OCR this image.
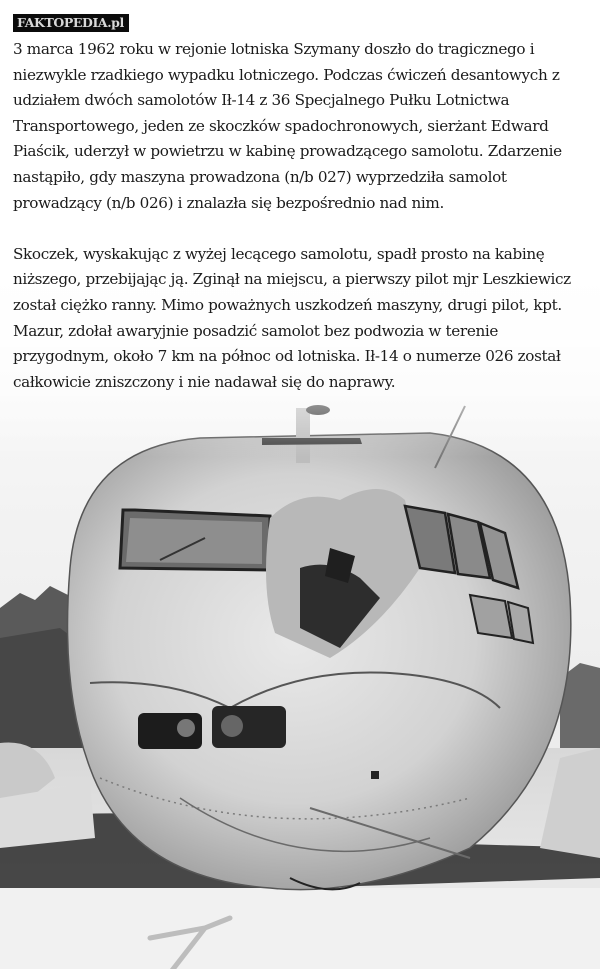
FAKTOPEDIA.pl

3 marca 1962 roku w rejonie lotniska Szymany doszło do tragicznego i
niezwykle rzadkiego wypadku lotniczego. Podczas ćwiczeń desantowych z
udziałem dwóch samolotów Ił-14 z 36 Specjalnego Pułku Lotnictwa
Transportowego, jeden ze skoczków spadochronowych, sierżant Edward
Piaścik, uderzył w powietrzu w kabinę prowadzącego samolotu. Zdarzenie
nastąpiło, gdy maszyna prowadzona (n/b 027) wyprzedziła samolot
prowadzący (n/b 026) i znalazła się bezpośrednio nad nim.

Skoczek, wyskakując z wyżej lecącego samolotu, spadł prosto na kabinę
niższego, przebijając ją. Zginął na miejscu, a pierwszy pilot mjr Leszkiewicz
został ciężko ranny. Mimo poważnych uszkodzeń maszyny, drugi pilot, kpt.
Mazur, zdołał awaryjnie posadzić samolot bez podwozia w terenie
przygodnym, około 7 km na północ od lotniska. Ił-14 o numerze 026 został
całkowicie zniszczony i nie nadawał się do naprawy.
